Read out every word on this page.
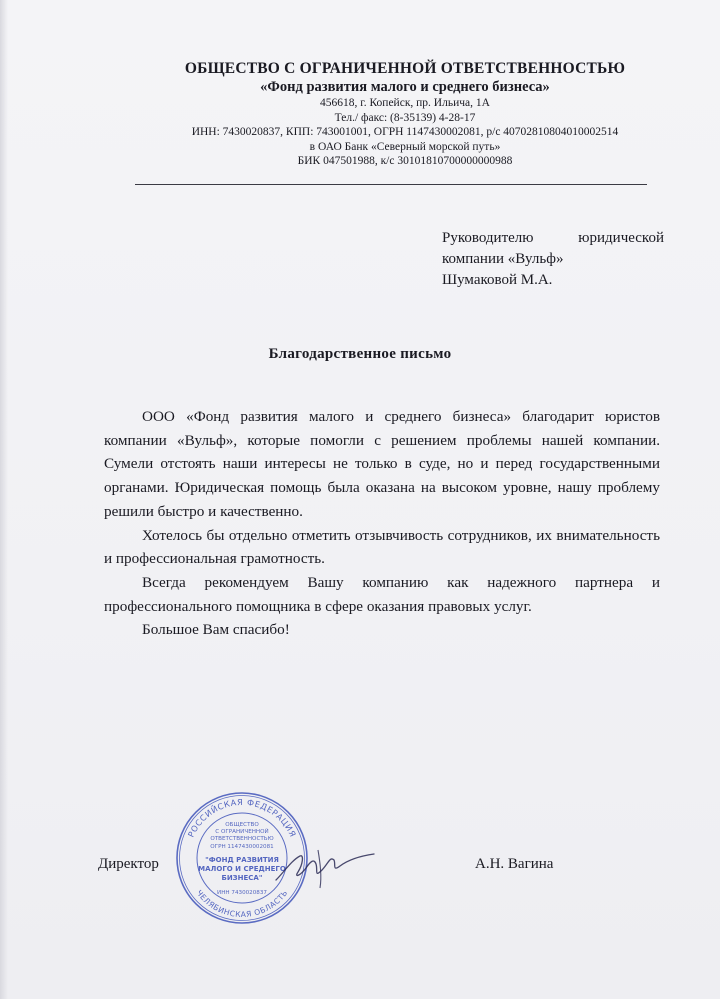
ОБЩЕСТВО С ОГРАНИЧЕННОЙ ОТВЕТСТВЕННОСТЬЮ
«Фонд развития малого и среднего бизнеса»
456618, г. Копейск, пр. Ильича, 1А
Тел./ факс: (8-35139) 4-28-17
ИНН: 7430020837, КПП: 743001001, ОГРН 1147430002081, р/с 40702810804010002514
в ОАО Банк «Северный морской путь»
БИК 047501988, к/с 30101810700000000988
Руководителю юридической
компании «Вульф»
Шумаковой М.А.
Благодарственное письмо

ООО «Фонд развития малого и среднего бизнеса» благодарит юристов компании «Вульф», которые помогли с решением проблемы нашей компании. Сумели отстоять наши интересы не только в суде, но и перед государственными органами. Юридическая помощь была оказана на высоком уровне, нашу проблему решили быстро и качественно.

Хотелось бы отдельно отметить отзывчивость сотрудников, их внимательность и профессиональная грамотность.

Всегда рекомендуем Вашу компанию как надежного партнера и профессионального помощника в сфере оказания правовых услуг.

Большое Вам спасибо!

Директор	А.Н. Вагина
РОССИЙСКАЯ ФЕДЕРАЦИЯ
ЧЕЛЯБИНСКАЯ ОБЛАСТЬ
ОБЩЕСТВО
С ОГРАНИЧЕННОЙ
ОТВЕТСТВЕННОСТЬЮ
ОГРН 1147430002081
"ФОНД РАЗВИТИЯ
МАЛОГО И СРЕДНЕГО
БИЗНЕСА"
ИНН 7430020837
